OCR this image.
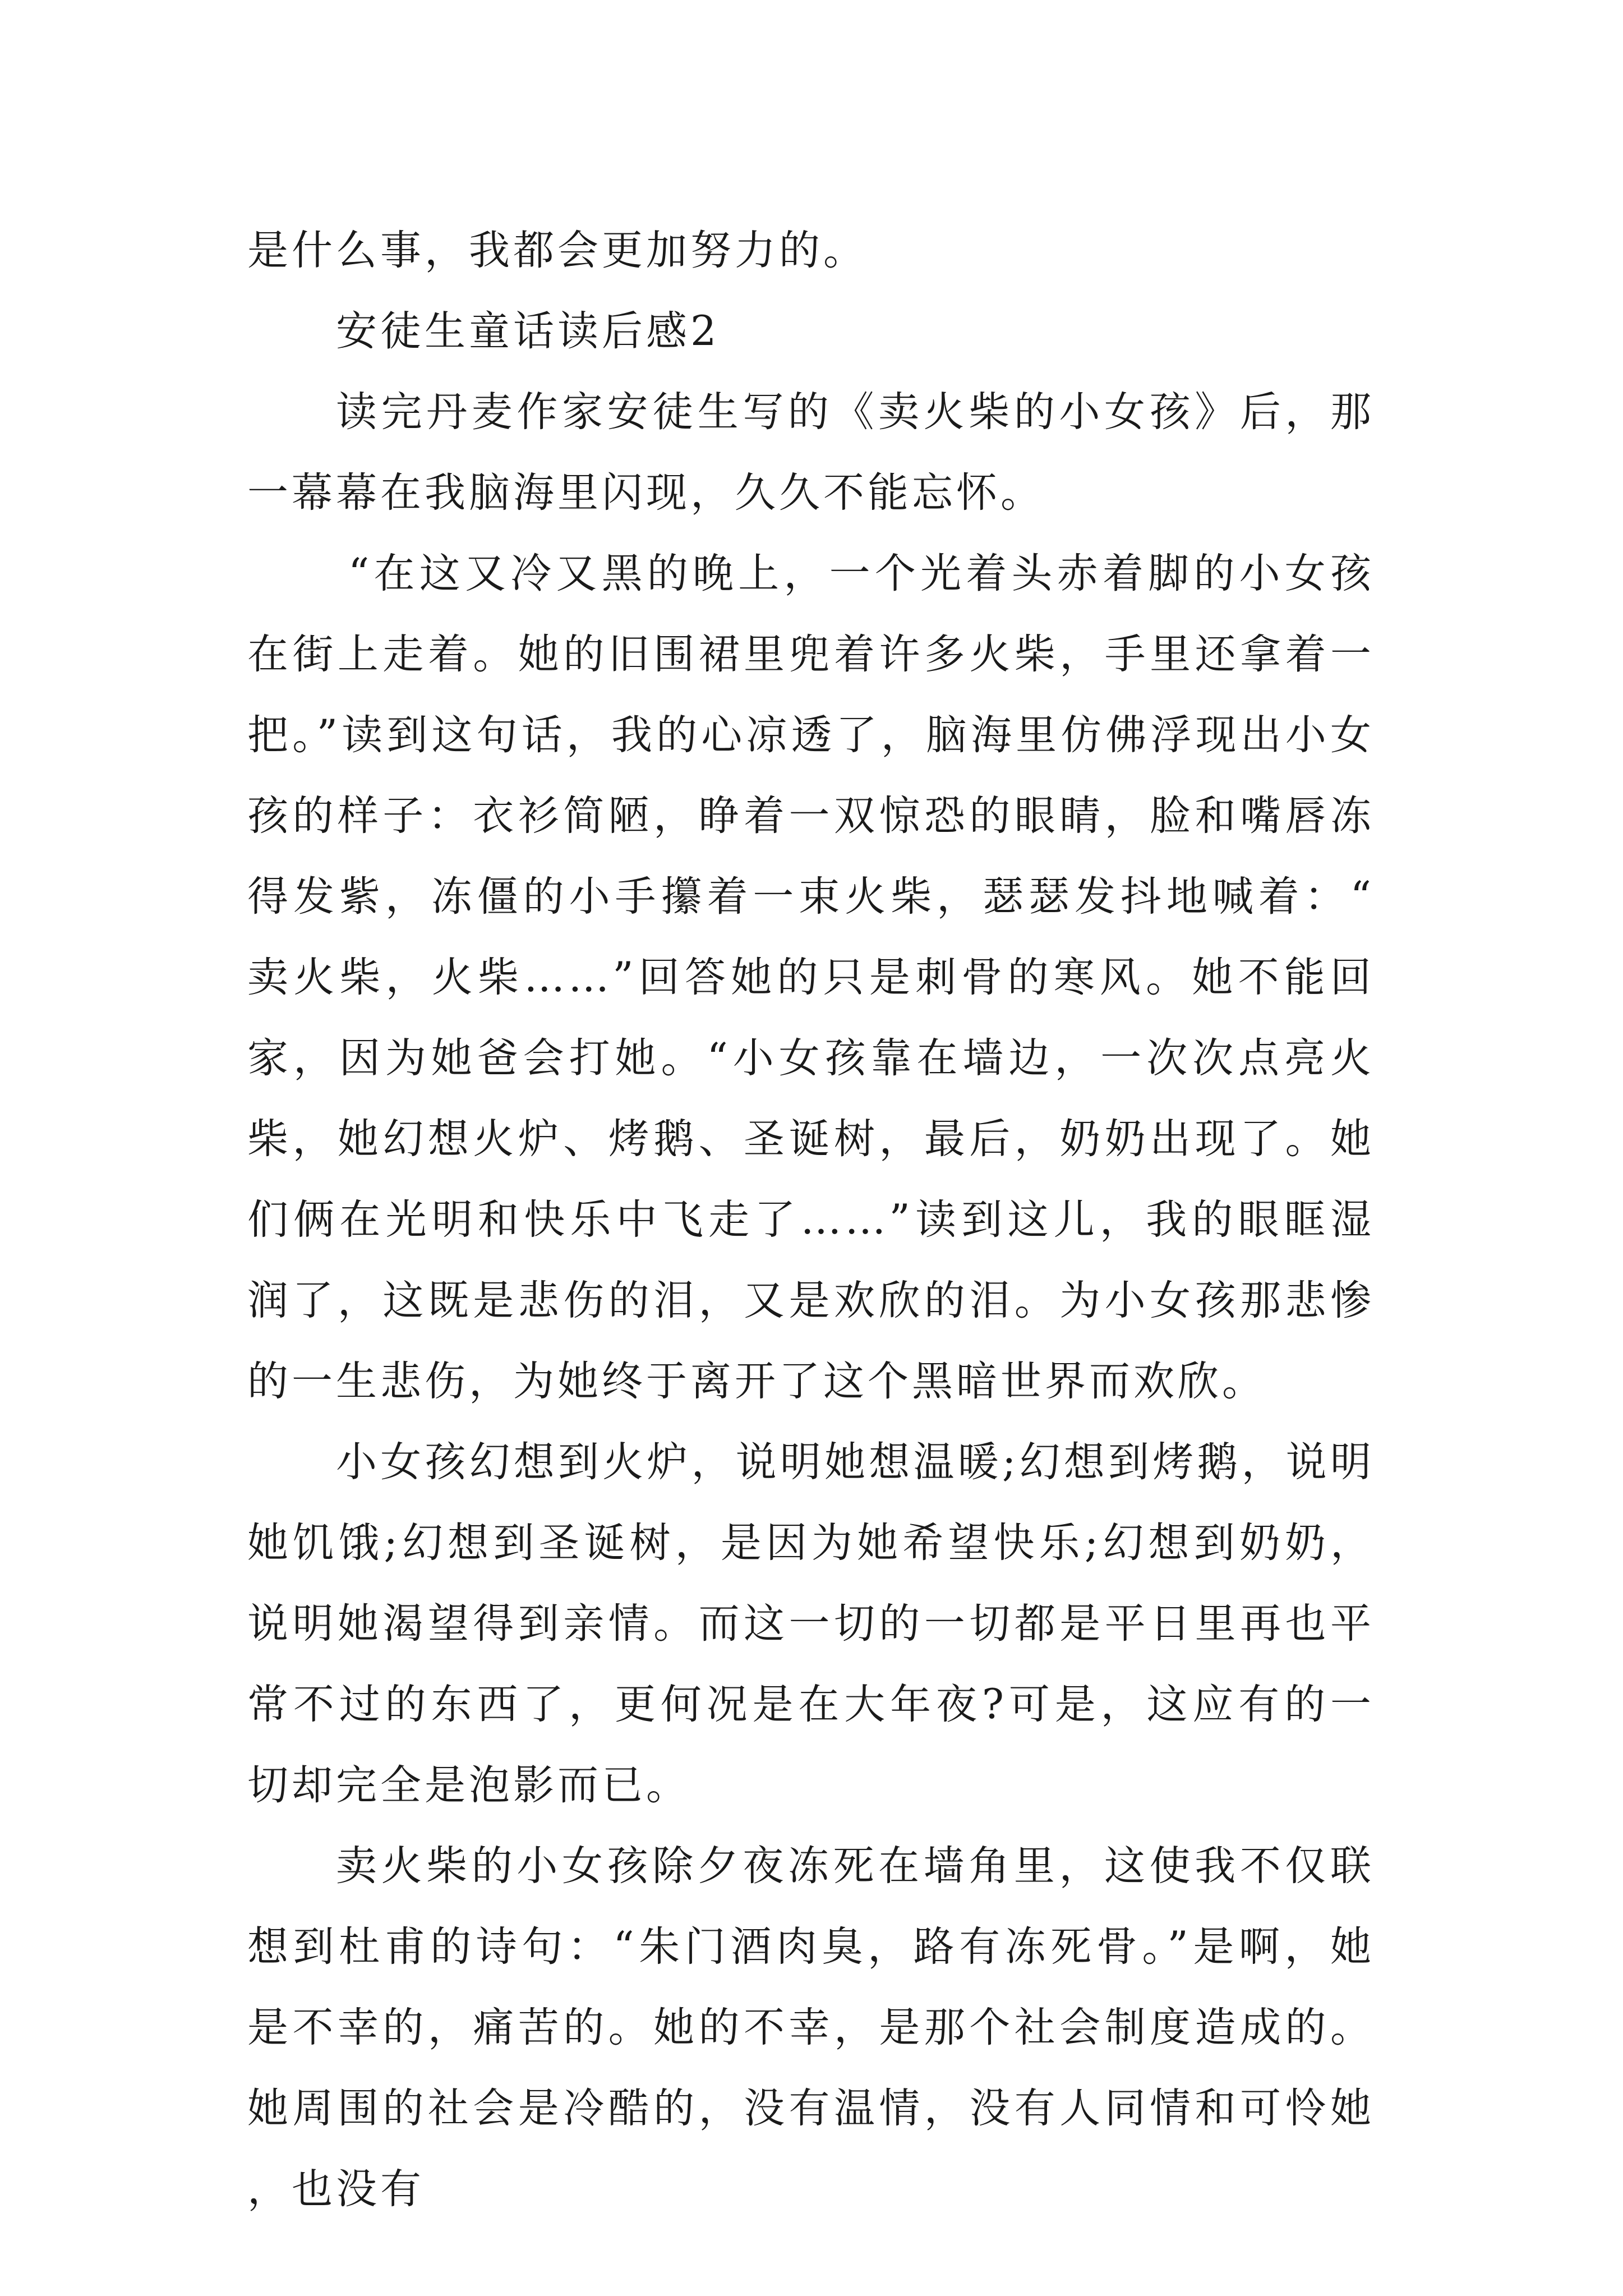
是什么事，我都会更加努力的。

安徒生童话读后感2

读完丹麦作家安徒生写的《卖火柴的小女孩》后，那一幕幕在我脑海里闪现，久久不能忘怀。

“在这又冷又黑的晚上，一个光着头赤着脚的小女孩在街上走着。她的旧围裙里兜着许多火柴，手里还拿着一把。”读到这句话，我的心凉透了，脑海里仿佛浮现出小女孩的样子：衣衫简陋，睁着一双惊恐的眼睛，脸和嘴唇冻得发紫，冻僵的小手攥着一束火柴，瑟瑟发抖地喊着：“卖火柴，火柴……”回答她的只是刺骨的寒风。她不能回家，因为她爸会打她。“小女孩靠在墙边，一次次点亮火柴，她幻想火炉、烤鹅、圣诞树，最后，奶奶出现了。她们俩在光明和快乐中飞走了……”读到这儿，我的眼眶湿润了，这既是悲伤的泪，又是欢欣的泪。为小女孩那悲惨的一生悲伤，为她终于离开了这个黑暗世界而欢欣。

小女孩幻想到火炉，说明她想温暖;幻想到烤鹅，说明她饥饿;幻想到圣诞树，是因为她希望快乐;幻想到奶奶，说明她渴望得到亲情。而这一切的一切都是平日里再也平常不过的东西了，更何况是在大年夜?可是，这应有的一切却完全是泡影而已。

卖火柴的小女孩除夕夜冻死在墙角里，这使我不仅联想到杜甫的诗句：“朱门酒肉臭，路有冻死骨。”是啊，她是不幸的，痛苦的。她的不幸，是那个社会制度造成的。她周围的社会是冷酷的，没有温情，没有人同情和可怜她，也没有
